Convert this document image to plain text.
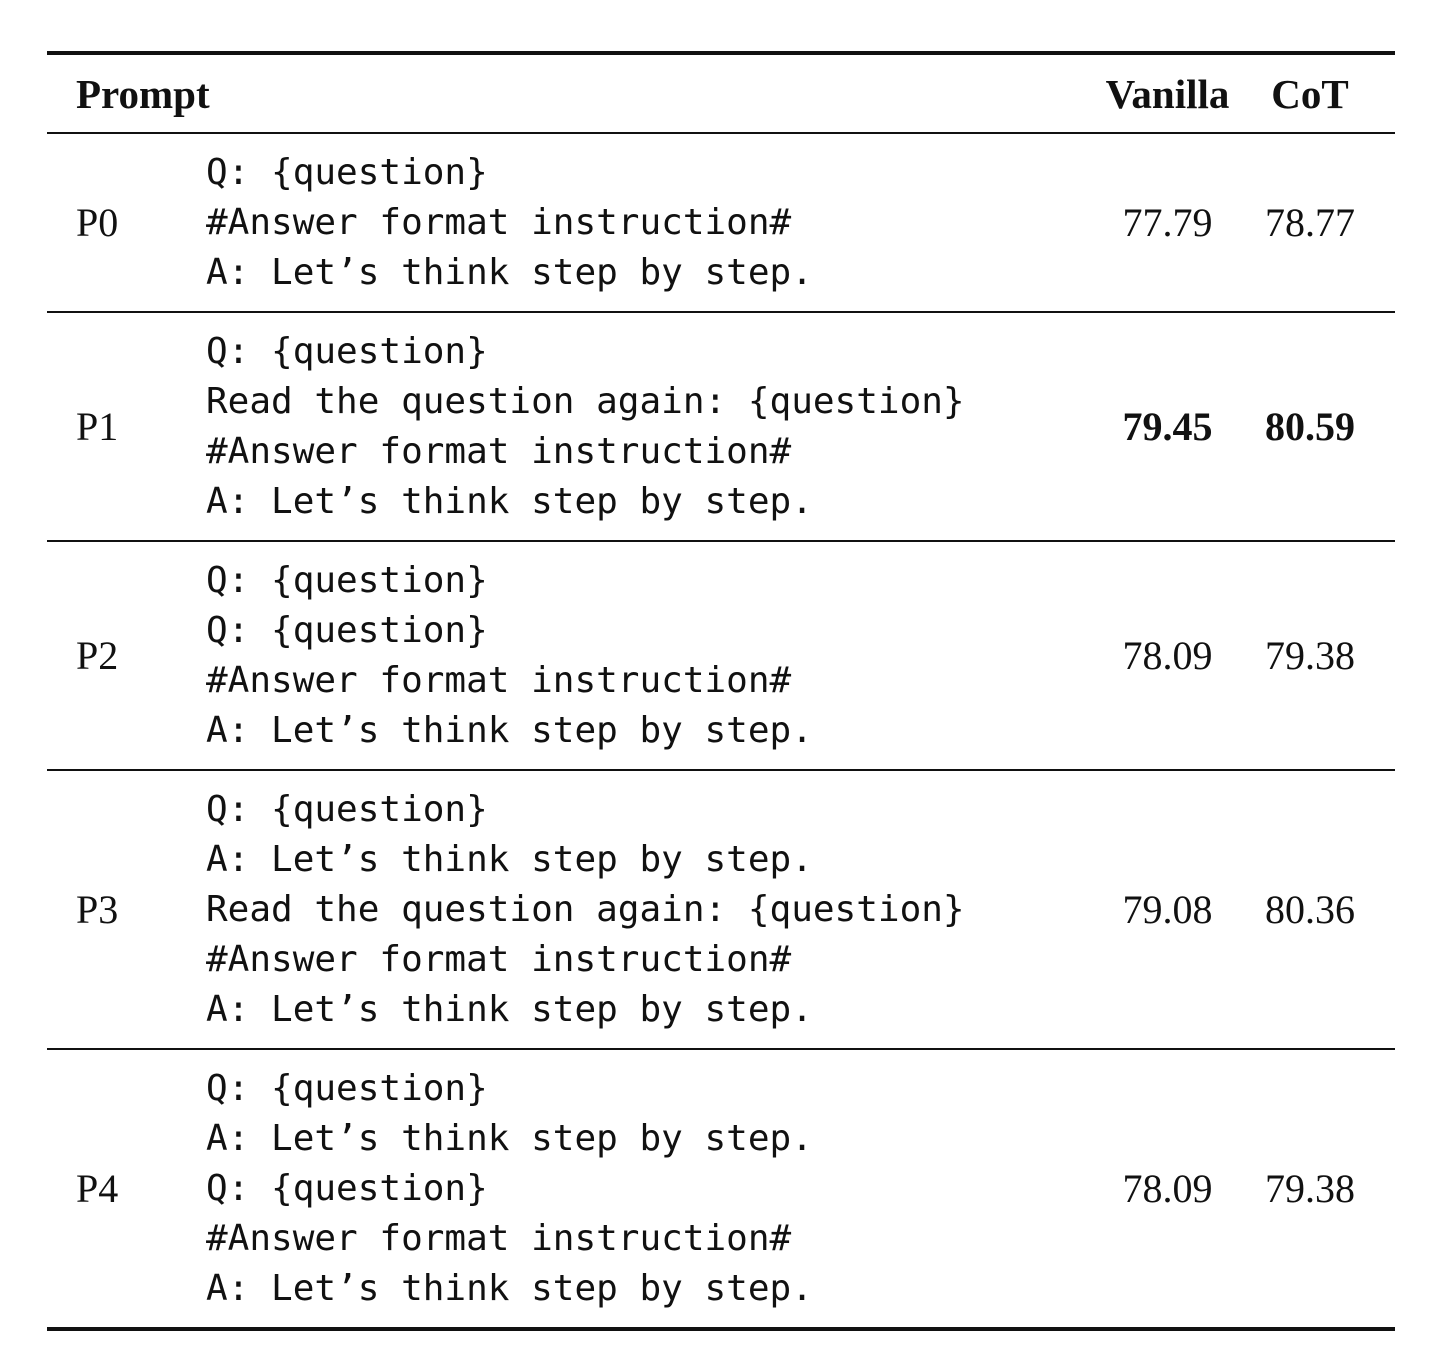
Prompt		Vanilla	CoT
P0	Q: {question}
#Answer format instruction#
A: Let’s think step by step.	77.79	78.77
P1	Q: {question}
Read the question again: {question}
#Answer format instruction#
A: Let’s think step by step.	79.45	80.59
P2	Q: {question}
Q: {question}
#Answer format instruction#
A: Let’s think step by step.	78.09	79.38
P3	Q: {question}
A: Let’s think step by step.
Read the question again: {question}
#Answer format instruction#
A: Let’s think step by step.	79.08	80.36
P4	Q: {question}
A: Let’s think step by step.
Q: {question}
#Answer format instruction#
A: Let’s think step by step.	78.09	79.38
